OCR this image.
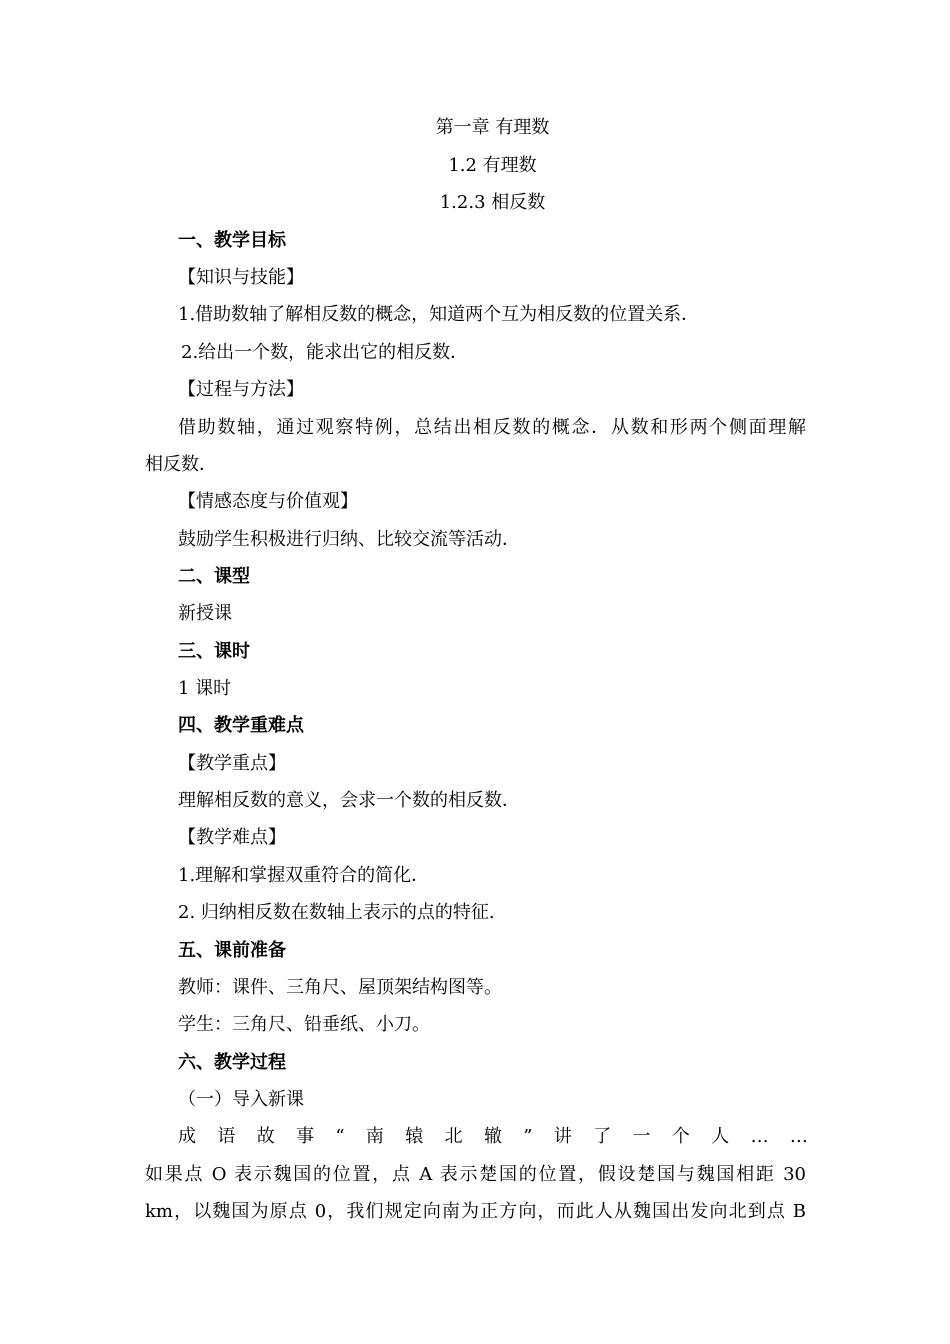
第一章 有理数
1.2 有理数
1.2.3 相反数
一、教学目标
【知识与技能】
1.借助数轴了解相反数的概念，知道两个互为相反数的位置关系．
2.给出一个数，能求出它的相反数．
【过程与方法】
借助数轴，通过观察特例，总结出相反数的概念．从数和形两个侧面理解
相反数．
【情感态度与价值观】
鼓励学生积极进行归纳、比较交流等活动．
二、课型
新授课
三、课时
1 课时
四、教学重难点
【教学重点】
理解相反数的意义，会求一个数的相反数．
【教学难点】
1.理解和掌握双重符合的简化．
2. 归纳相反数在数轴上表示的点的特征.
五、课前准备
教师：课件、三角尺、屋顶架结构图等。
学生：三角尺、铅垂纸、小刀。
六、教学过程
（一）导入新课
成 语 故 事 “ 南 辕 北 辙 ” 讲 了 一 个 人 … …
如果点 O 表示魏国的位置，点 A 表示楚国的位置，假设楚国与魏国相距 30
km，以魏国为原点 0，我们规定向南为正方向，而此人从魏国出发向北到点 B
